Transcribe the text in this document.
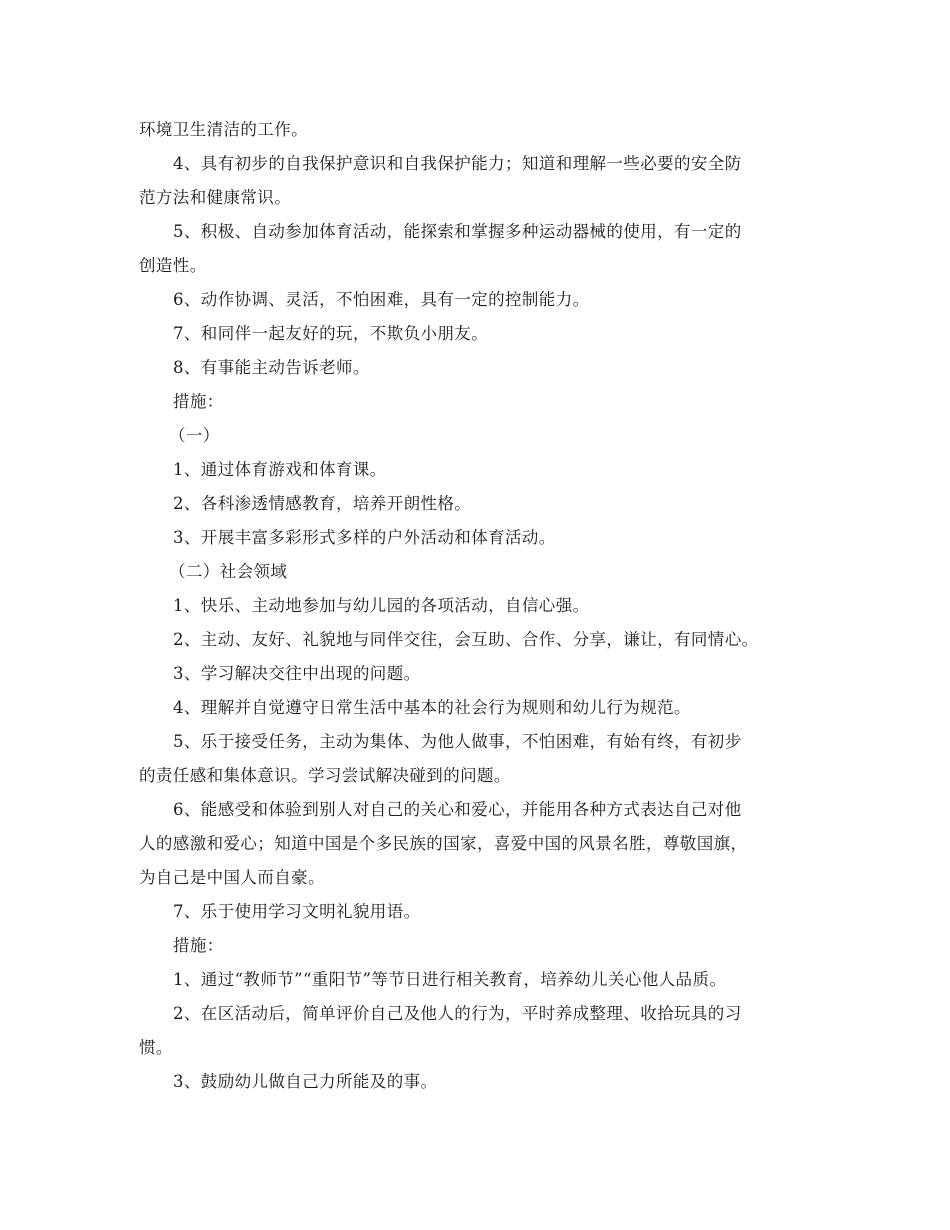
环境卫生清洁的工作。
4、具有初步的自我保护意识和自我保护能力；知道和理解一些必要的安全防
范方法和健康常识。
5、积极、自动参加体育活动，能探索和掌握多种运动器械的使用，有一定的
创造性。
6、动作协调、灵活，不怕困难，具有一定的控制能力。
7、和同伴一起友好的玩，不欺负小朋友。
8、有事能主动告诉老师。
措施：
（一）
1、通过体育游戏和体育课。
2、各科渗透情感教育，培养开朗性格。
3、开展丰富多彩形式多样的户外活动和体育活动。
（二）社会领域
1、快乐、主动地参加与幼儿园的各项活动，自信心强。
2、主动、友好、礼貌地与同伴交往，会互助、合作、分享，谦让，有同情心。
3、学习解决交往中出现的问题。
4、理解并自觉遵守日常生活中基本的社会行为规则和幼儿行为规范。
5、乐于接受任务，主动为集体、为他人做事，不怕困难，有始有终，有初步
的责任感和集体意识。学习尝试解决碰到的问题。
6、能感受和体验到别人对自己的关心和爱心，并能用各种方式表达自己对他
人的感激和爱心；知道中国是个多民族的国家，喜爱中国的风景名胜，尊敬国旗，
为自己是中国人而自豪。
7、乐于使用学习文明礼貌用语。
措施：
1、通过“教师节”“重阳节”等节日进行相关教育，培养幼儿关心他人品质。
2、在区活动后，简单评价自己及他人的行为，平时养成整理、收拾玩具的习
惯。
3、鼓励幼儿做自己力所能及的事。
